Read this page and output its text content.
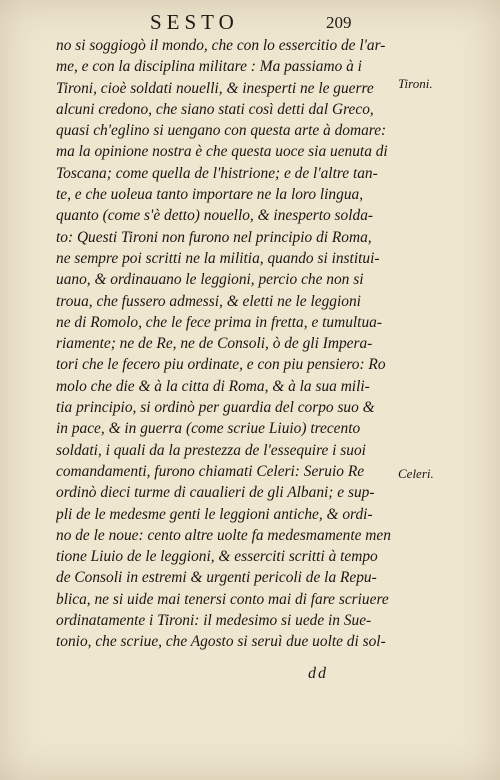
SESTO	209
no si soggiogò il mondo, che con lo essercitio de l'ar-
me, e con la disciplina militare : Ma passiamo à i
Tironi, cioè soldati nouelli, & inesperti ne le guerre
alcuni credono, che siano stati così detti dal Greco,
quasi ch'eglino si uengano con questa arte à domare:
ma la opinione nostra è che questa uoce sia uenuta di
Toscana; come quella de l'histrione; e de l'altre tan-
te, e che uoleua tanto importare ne la loro lingua,
quanto (come s'è detto) nouello, & inesperto solda-
to: Questi Tironi non furono nel principio di Roma,
ne sempre poi scritti ne la militia, quando si institui-
uano, & ordinauano le leggioni, percio che non si
troua, che fussero admessi, & eletti ne le leggioni
ne di Romolo, che le fece prima in fretta, e tumultua-
riamente; ne de Re, ne de Consoli, ò de gli Impera-
tori che le fecero piu ordinate, e con piu pensiero: Ro
molo che die & à la citta di Roma, & à la sua mili-
tia principio, si ordinò per guardia del corpo suo &
in pace, & in guerra (come scriue Liuio) trecento
soldati, i quali da la prestezza de l'essequire i suoi
comandamenti, furono chiamati Celeri: Seruio Re
ordinò dieci turme di caualieri de gli Albani; e sup-
pli de le medesme genti le leggioni antiche, & ordi-
no de le noue: cento altre uolte fa medesmamente men
tione Liuio de le leggioni, & esserciti scritti à tempo
de Consoli in estremi & urgenti pericoli de la Repu-
blica, ne si uide mai tenersi conto mai di fare scriuere
ordinatamente i Tironi: il medesimo si uede in Sue-
tonio, che scriue, che Agosto si seruì due uolte di sol-
Tironi.
Celeri.
dd
